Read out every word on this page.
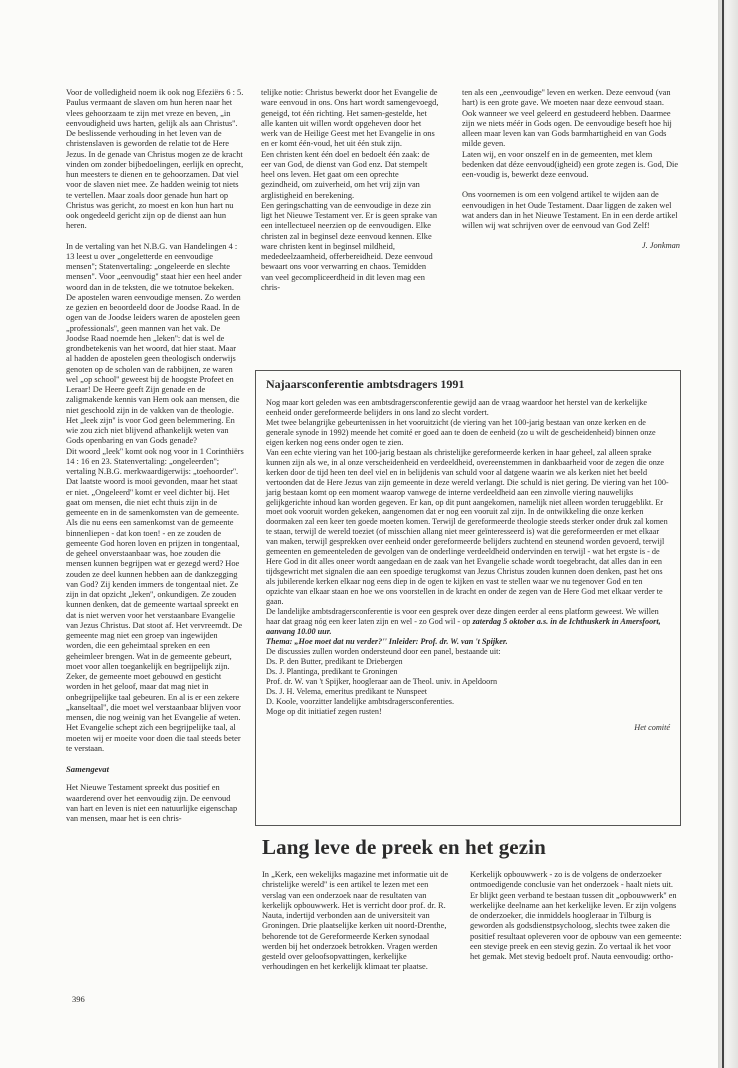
Voor de volledigheid noem ik ook nog Efeziërs 6 : 5. Paulus vermaant de slaven om hun heren naar het vlees gehoorzaam te zijn met vreze en beven, „in eenvoudigheid uws harten, gelijk als aan Christus''.
De beslissende verhouding in het leven van de christenslaven is geworden de relatie tot de Here Jezus. In de genade van Christus mogen ze de kracht vinden om zonder bijbedoelingen, eerlijk en oprecht, hun meesters te dienen en te gehoorzamen. Dat viel voor de slaven niet mee. Ze hadden weinig tot niets te vertellen. Maar zoals door genade hun hart op Christus was gericht, zo moest en kon hun hart nu ook ongedeeld gericht zijn op de dienst aan hun heren.

In de vertaling van het N.B.G. van Handelingen 4 : 13 leest u over „ongeletterde en eenvoudige mensen''; Statenvertaling: „ongeleerde en slechte mensen''. Voor „eenvoudig'' staat hier een heel ander woord dan in de teksten, die we totnutoe bekeken. De apostelen waren eenvoudige mensen. Zo werden ze gezien en beoordeeld door de Joodse Raad. In de ogen van de Joodse leiders waren de apostelen geen „professionals'', geen mannen van het vak. De Joodse Raad noemde hen „leken'': dat is wel de grondbetekenis van het woord, dat hier staat. Maar al hadden de apostelen geen theologisch onderwijs genoten op de scholen van de rabbijnen, ze waren wel „op school'' geweest bij de hoogste Profeet en Leraar! De Heere geeft Zijn genade en de zaligmakende kennis van Hem ook aan mensen, die niet geschoold zijn in de vakken van de theologie. Het „leek zijn'' is voor God geen belemmering. En wie zou zich niet blijvend afhankelijk weten van Gods openbaring en van Gods genade?
Dit woord „leek'' komt ook nog voor in 1 Corinthiërs 14 : 16 en 23. Statenvertaling: „ongeleerden''; vertaling N.B.G. merkwaardigerwijs: „toehoorder''.
Dat laatste woord is mooi gevonden, maar het staat er niet. „Ongeleerd'' komt er veel dichter bij. Het gaat om mensen, die niet echt thuis zijn in de gemeente en in de samenkomsten van de gemeente. Als die nu eens een samenkomst van de gemeente binnenliepen - dat kon toen! - en ze zouden de gemeente God horen loven en prijzen in tongentaal, de geheel onverstaanbaar was, hoe zouden die mensen kunnen begrijpen wat er gezegd werd? Hoe zouden ze deel kunnen hebben aan de dankzegging van God? Zij kenden immers de tongentaal niet. Ze zijn in dat opzicht „leken'', onkundigen. Ze zouden kunnen denken, dat de gemeente wartaal spreekt en dat is niet werven voor het verstaanbare Evangelie van Jezus Christus. Dat stoot af. Het vervreemdt. De gemeente mag niet een groep van ingewijden worden, die een geheimtaal spreken en een geheimleer brengen. Wat in de gemeente gebeurt, moet voor allen toegankelijk en begrijpelijk zijn. Zeker, de gemeente moet gebouwd en gesticht worden in het geloof, maar dat mag niet in onbegrijpelijke taal gebeuren. En al is er een zekere „kanseltaal'', die moet wel verstaanbaar blijven voor mensen, die nog weinig van het Evangelie af weten. Het Evangelie schept zich een begrijpelijke taal, al moeten wij er moeite voor doen die taal steeds beter te verstaan.

Samengevat

Het Nieuwe Testament spreekt dus positief en waarderend over het eenvoudig zijn. De eenvoud van hart en leven is niet een natuurlijke eigenschap van mensen, maar het is een chris-

telijke notie: Christus bewerkt door het Evangelie de ware eenvoud in ons. Ons hart wordt samengevoegd, geneigd, tot één richting. Het samen-gestelde, het alle kanten uit willen wordt opgeheven door het werk van de Heilige Geest met het Evangelie in ons en er komt één-voud, het uit één stuk zijn.
Een christen kent één doel en bedoelt één zaak: de eer van God, de dienst van God enz. Dat stempelt heel ons leven. Het gaat om een oprechte gezindheid, om zuiverheid, om het vrij zijn van arglistigheid en berekening.
Een geringschatting van de eenvoudige in deze zin ligt het Nieuwe Testament ver. Er is geen sprake van een intellectueel neerzien op de eenvoudigen. Elke christen zal in beginsel deze eenvoud kennen. Elke ware christen kent in beginsel mildheid, mededeelzaamheid, offerbereidheid. Deze eenvoud bewaart ons voor verwarring en chaos. Temidden van veel gecompliceerdheid in dit leven mag een chris-

ten als een „eenvoudige'' leven en werken. Deze eenvoud (van hart) is een grote gave. We moeten naar deze eenvoud staan. Ook wanneer we veel geleerd en gestudeerd hebben. Daarmee zijn we niets méér in Gods ogen. De eenvoudige beseft hoe hij alleen maar leven kan van Gods barmhartigheid en van Gods milde geven.
Laten wij, en voor onszelf en in de gemeenten, met klem bedenken dat déze eenvoud(igheid) een grote zegen is. God, Die een-voudig is, bewerkt deze eenvoud.

Ons voornemen is om een volgend artikel te wijden aan de eenvoudigen in het Oude Testament. Daar liggen de zaken wel wat anders dan in het Nieuwe Testament. En in een derde artikel willen wij wat schrijven over de eenvoud van God Zelf!

J. Jonkman
Najaarsconferentie ambtsdragers 1991

Nog maar kort geleden was een ambtsdragersconferentie gewijd aan de vraag waardoor het herstel van de kerkelijke eenheid onder gereformeerde belijders in ons land zo slecht vordert.

Met twee belangrijke gebeurtenissen in het vooruitzicht (de viering van het 100-jarig bestaan van onze kerken en de generale synode in 1992) meende het comité er goed aan te doen de eenheid (zo u wilt de gescheidenheid) binnen onze eigen kerken nog eens onder ogen te zien.

Van een echte viering van het 100-jarig bestaan als christelijke gereformeerde kerken in haar geheel, zal alleen sprake kunnen zijn als we, in al onze verscheidenheid en verdeeldheid, overeenstemmen in dankbaarheid voor de zegen die onze kerken door de tijd heen ten deel viel en in belijdenis van schuld voor al datgene waarin we als kerken niet het beeld vertoonden dat de Here Jezus van zijn gemeente in deze wereld verlangt. Die schuld is niet gering. De viering van het 100-jarig bestaan komt op een moment waarop vanwege de interne verdeeldheid aan een zinvolle viering nauwelijks gelijkgerichte inhoud kan worden gegeven. Er kan, op dit punt aangekomen, namelijk niet alleen worden teruggeblikt. Er moet ook vooruit worden gekeken, aangenomen dat er nog een vooruit zal zijn. In de ontwikkeling die onze kerken doormaken zal een keer ten goede moeten komen. Terwijl de gereformeerde theologie steeds sterker onder druk zal komen te staan, terwijl de wereld toeziet (of misschien allang niet meer geïnteresseerd is) wat die gereformeerden er met elkaar van maken, terwijl gesprekken over eenheid onder gereformeerde belijders zuchtend en steunend worden gevoerd, terwijl gemeenten en gemeenteleden de gevolgen van de onderlinge verdeeldheid ondervinden en terwijl - wat het ergste is - de Here God in dit alles oneer wordt aangedaan en de zaak van het Evangelie schade wordt toegebracht, dat alles dan in een tijdsgewricht met signalen die aan een spoedige terugkomst van Jezus Christus zouden kunnen doen denken, past het ons als jubilerende kerken elkaar nog eens diep in de ogen te kijken en vast te stellen waar we nu tegenover God en ten opzichte van elkaar staan en hoe we ons voorstellen in de kracht en onder de zegen van de Here God met elkaar verder te gaan.

De landelijke ambtsdragersconferentie is voor een gesprek over deze dingen eerder al eens platform geweest. We willen haar dat graag nóg een keer laten zijn en wel - zo God wil - op zaterdag 5 oktober a.s. in de Ichthuskerk in Amersfoort, aanvang 10.00 uur.

Thema: „Hoe moet dat nu verder?'' Inleider: Prof. dr. W. van 't Spijker.

De discussies zullen worden ondersteund door een panel, bestaande uit:

Ds. P. den Butter, predikant te Driebergen

Ds. J. Plantinga, predikant te Groningen

Prof. dr. W. van 't Spijker, hoogleraar aan de Theol. univ. in Apeldoorn

Ds. J. H. Velema, emeritus predikant te Nunspeet

D. Koole, voorzitter landelijke ambtsdragersconferenties.

Moge op dit initiatief zegen rusten!

Het comité
Lang leve de preek en het gezin

In „Kerk, een wekelijks magazine met informatie uit de christelijke wereld'' is een artikel te lezen met een verslag van een onderzoek naar de resultaten van kerkelijk opbouwwerk. Het is verricht door prof. dr. R. Nauta, indertijd verbonden aan de universiteit van Groningen. Drie plaatselijke kerken uit noord-Drenthe, behorende tot de Gereformeerde Kerken synodaal werden bij het onderzoek betrokken. Vragen werden gesteld over geloofsopvattingen, kerkelijke verhoudingen en het kerkelijk klimaat ter plaatse.

Kerkelijk opbouwwerk - zo is de volgens de onderzoeker ontmoedigende conclusie van het onderzoek - haalt niets uit. Er blijkt geen verband te bestaan tussen dit „opbouwwerk'' en werkelijke deelname aan het kerkelijke leven. Er zijn volgens de onderzoeker, die inmiddels hoogleraar in Tilburg is geworden als godsdienstpsycholoog, slechts twee zaken die positief resultaat opleveren voor de opbouw van een gemeente: een stevige preek en een stevig gezin. Zo vertaal ik het voor het gemak. Met stevig bedoelt prof. Nauta eenvoudig: ortho-

396
